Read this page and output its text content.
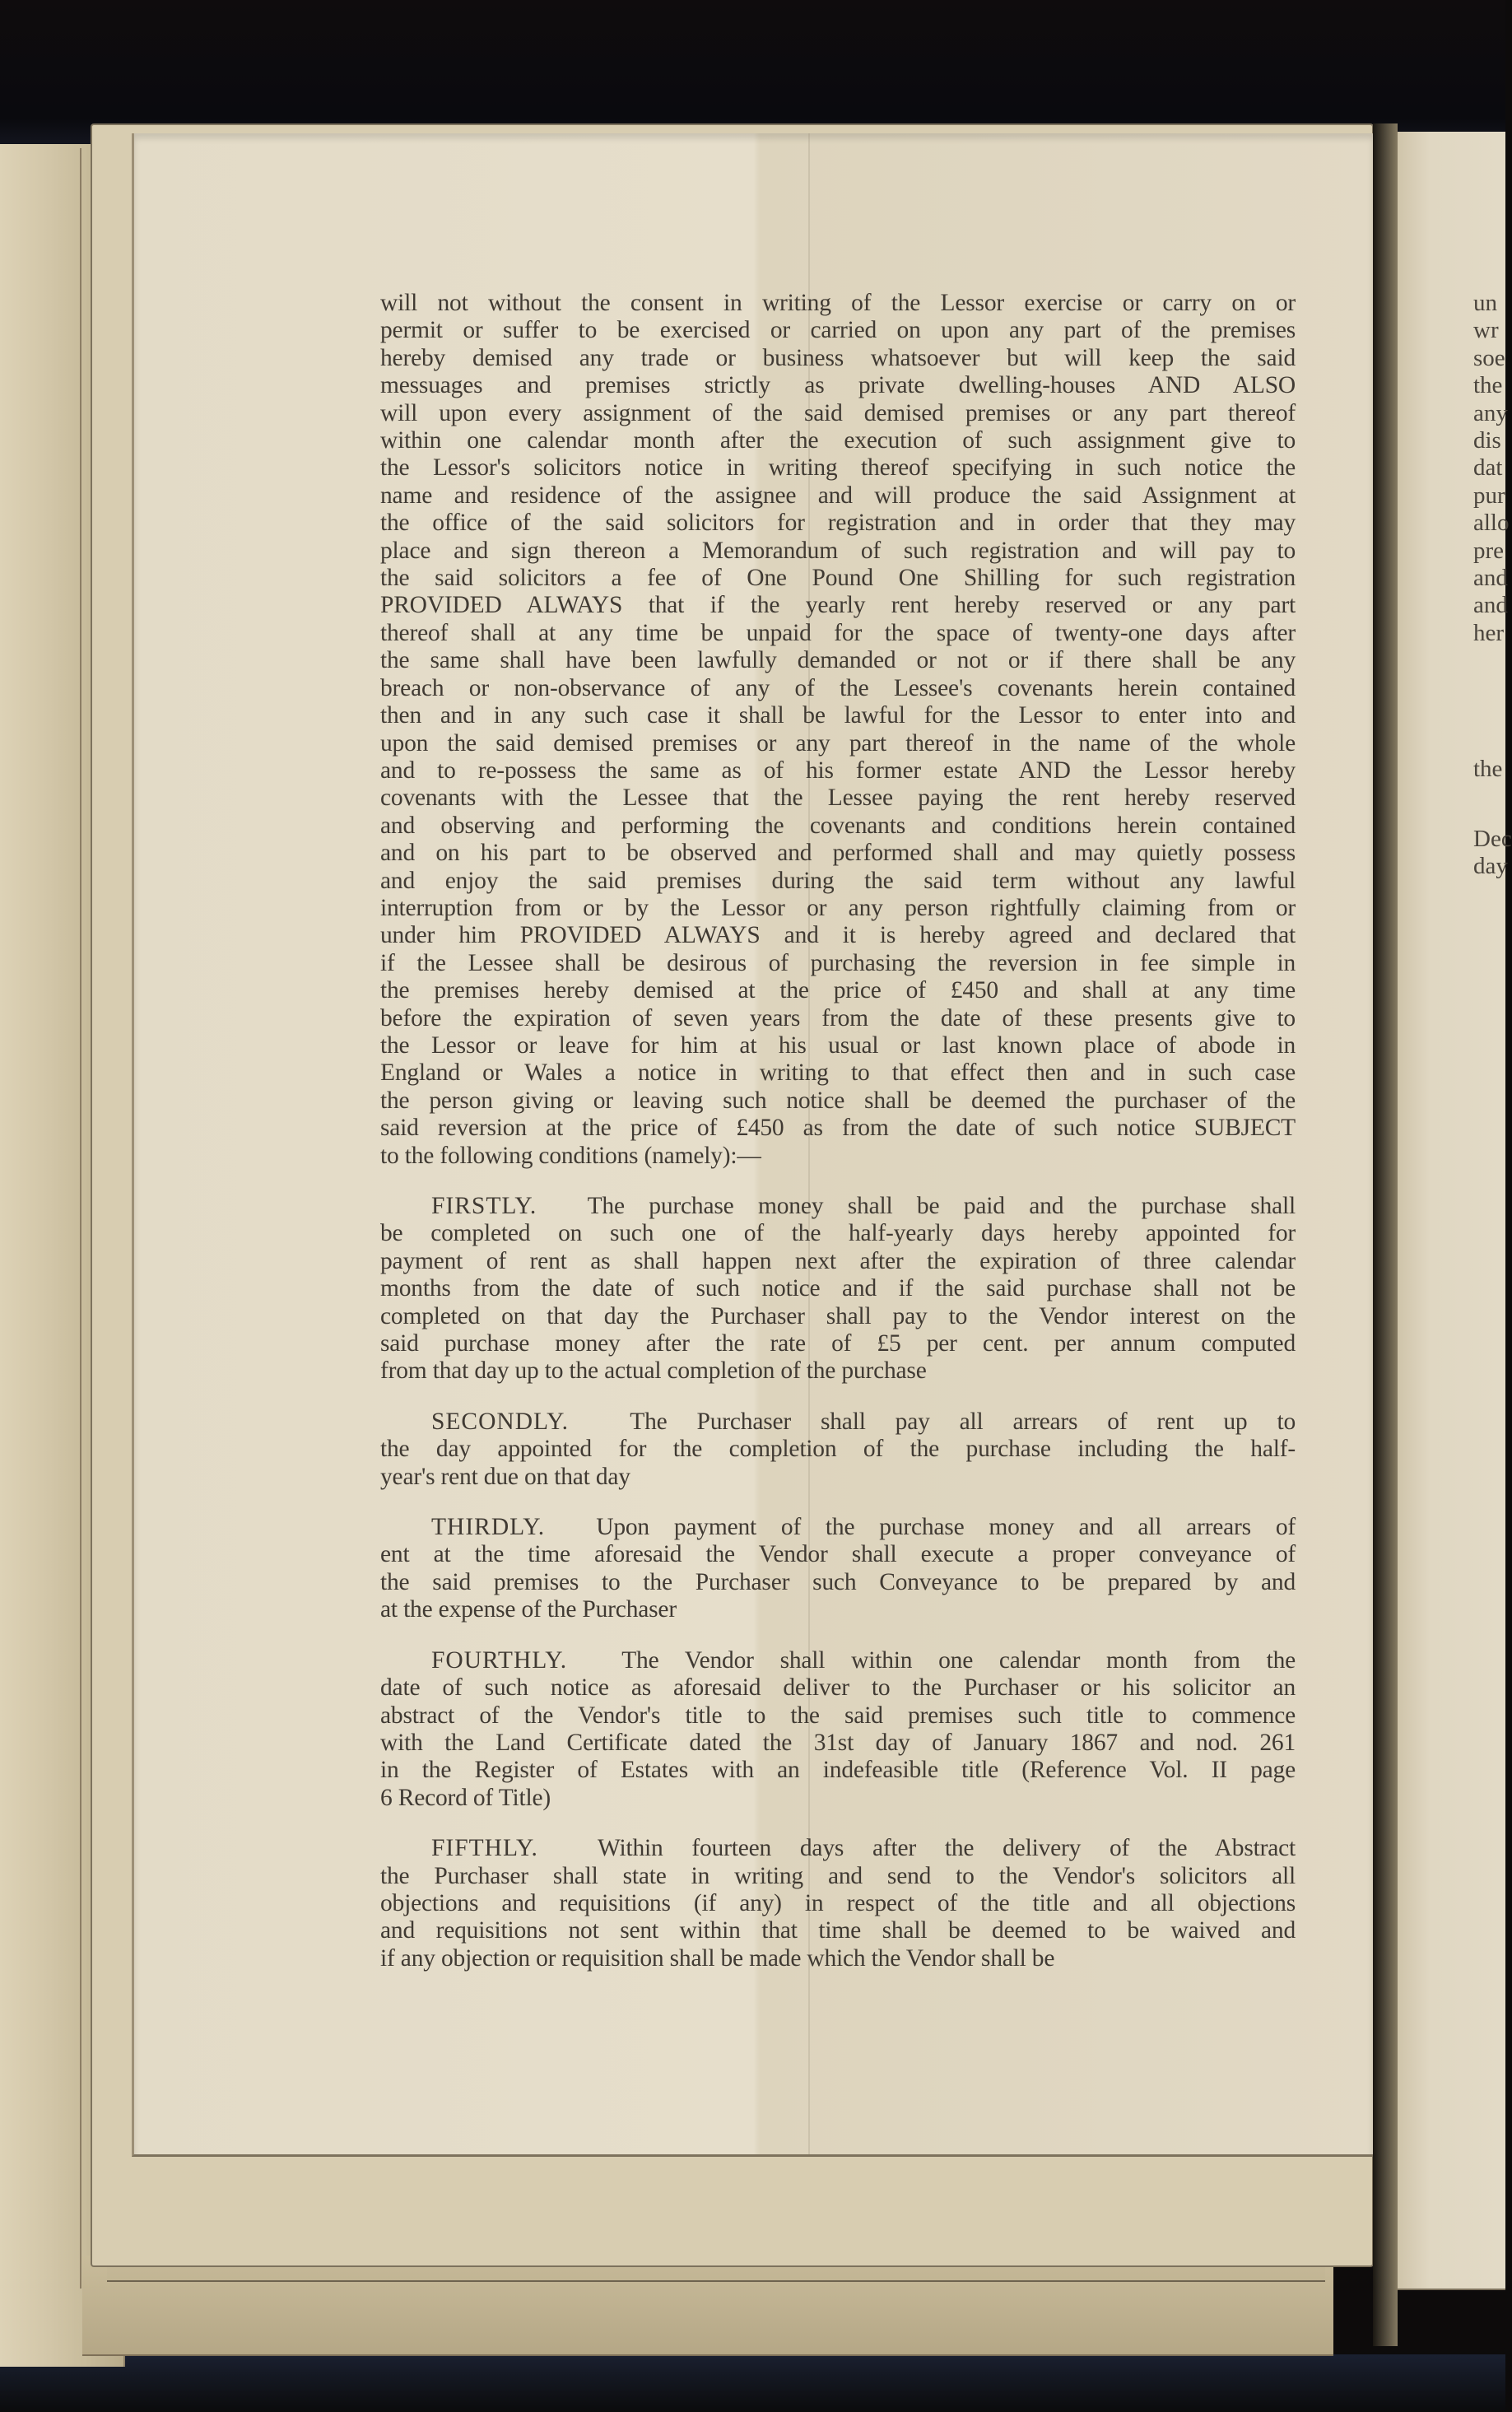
will not without the consent in writing of the Lessor exercise or carry on or
permit or suffer to be exercised or carried on upon any part of the premises
hereby demised any trade or business whatsoever but will keep the said
messuages and premises strictly as private dwelling-houses AND ALSO
will upon every assignment of the said demised premises or any part thereof
within one calendar month after the execution of such assignment give to
the Lessor's solicitors notice in writing thereof specifying in such notice the
name and residence of the assignee and will produce the said Assignment at
the office of the said solicitors for registration and in order that they may
place and sign thereon a Memorandum of such registration and will pay to
the said solicitors a fee of One Pound One Shilling for such registration
PROVIDED ALWAYS that if the yearly rent hereby reserved or any part
thereof shall at any time be unpaid for the space of twenty-one days after
the same shall have been lawfully demanded or not or if there shall be any
breach or non-observance of any of the Lessee's covenants herein contained
then and in any such case it shall be lawful for the Lessor to enter into and
upon the said demised premises or any part thereof in the name of the whole
and to re-possess the same as of his former estate AND the Lessor hereby
covenants with the Lessee that the Lessee paying the rent hereby reserved
and observing and performing the covenants and conditions herein contained
and on his part to be observed and performed shall and may quietly possess
and enjoy the said premises during the said term without any lawful
interruption from or by the Lessor or any person rightfully claiming from or
under him PROVIDED ALWAYS and it is hereby agreed and declared that
if the Lessee shall be desirous of purchasing the reversion in fee simple in
the premises hereby demised at the price of £450 and shall at any time
before the expiration of seven years from the date of these presents give to
the Lessor or leave for him at his usual or last known place of abode in
England or Wales a notice in writing to that effect then and in such case
the person giving or leaving such notice shall be deemed the purchaser of the
said reversion at the price of £450 as from the date of such notice SUBJECT
to the following conditions (namely):—
FIRSTLY.  The purchase money shall be paid and the purchase shall
be completed on such one of the half-yearly days hereby appointed for
payment of rent as shall happen next after the expiration of three calendar
months from the date of such notice and if the said purchase shall not be
completed on that day the Purchaser shall pay to the Vendor interest on the
said purchase money after the rate of £5 per cent. per annum computed
from that day up to the actual completion of the purchase
SECONDLY.  The Purchaser shall pay all arrears of rent up to
the day appointed for the completion of the purchase including the half-
year's rent due on that day
THIRDLY.  Upon payment of the purchase money and all arrears of
ent at the time aforesaid the Vendor shall execute a proper conveyance of
the said premises to the Purchaser such Conveyance to be prepared by and
at the expense of the Purchaser
FOURTHLY.  The Vendor shall within one calendar month from the
date of such notice as aforesaid deliver to the Purchaser or his solicitor an
abstract of the Vendor's title to the said premises such title to commence
with the Land Certificate dated the 31st day of January 1867 and nod. 261
in the Register of Estates with an indefeasible title (Reference Vol. II page
6 Record of Title)
FIFTHLY.  Within fourteen days after the delivery of the Abstract
the Purchaser shall state in writing and send to the Vendor's solicitors all
objections and requisitions (if any) in respect of the title and all objections
and requisitions not sent within that time shall be deemed to be waived and
if any objection or requisition shall be made which the Vendor shall be
un
wr
soe
the
any
dis
dat
pur
allo
pre
and
and
her
the
Dec
day
